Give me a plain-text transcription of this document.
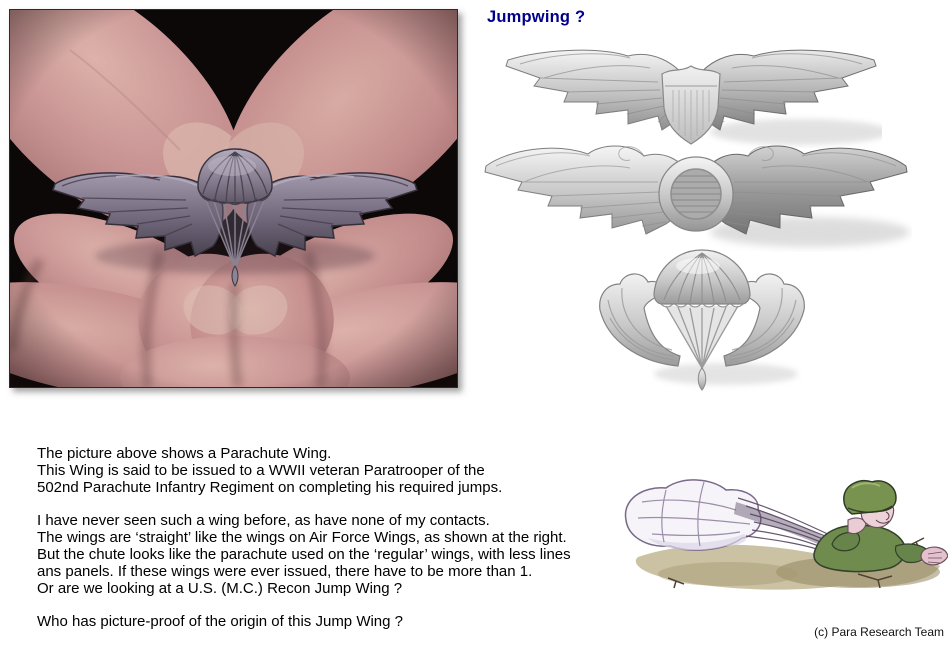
Jumpwing ?

The picture above shows a Parachute Wing.
This Wing is said to be issued to a WWII veteran Paratrooper of the
502nd Parachute Infantry Regiment on completing his required jumps.

I have never seen such a wing before, as have none of my contacts.
The wings are ‘straight’ like the wings on Air Force Wings, as shown at the right.
But the chute looks like the parachute used on the ‘regular’ wings, with less lines
ans panels. If these wings were ever issued, there have to be more than 1.
Or are we looking at a U.S. (M.C.) Recon Jump Wing ?

Who has picture-proof of the origin of this Jump Wing ?

(c) Para Research Team
